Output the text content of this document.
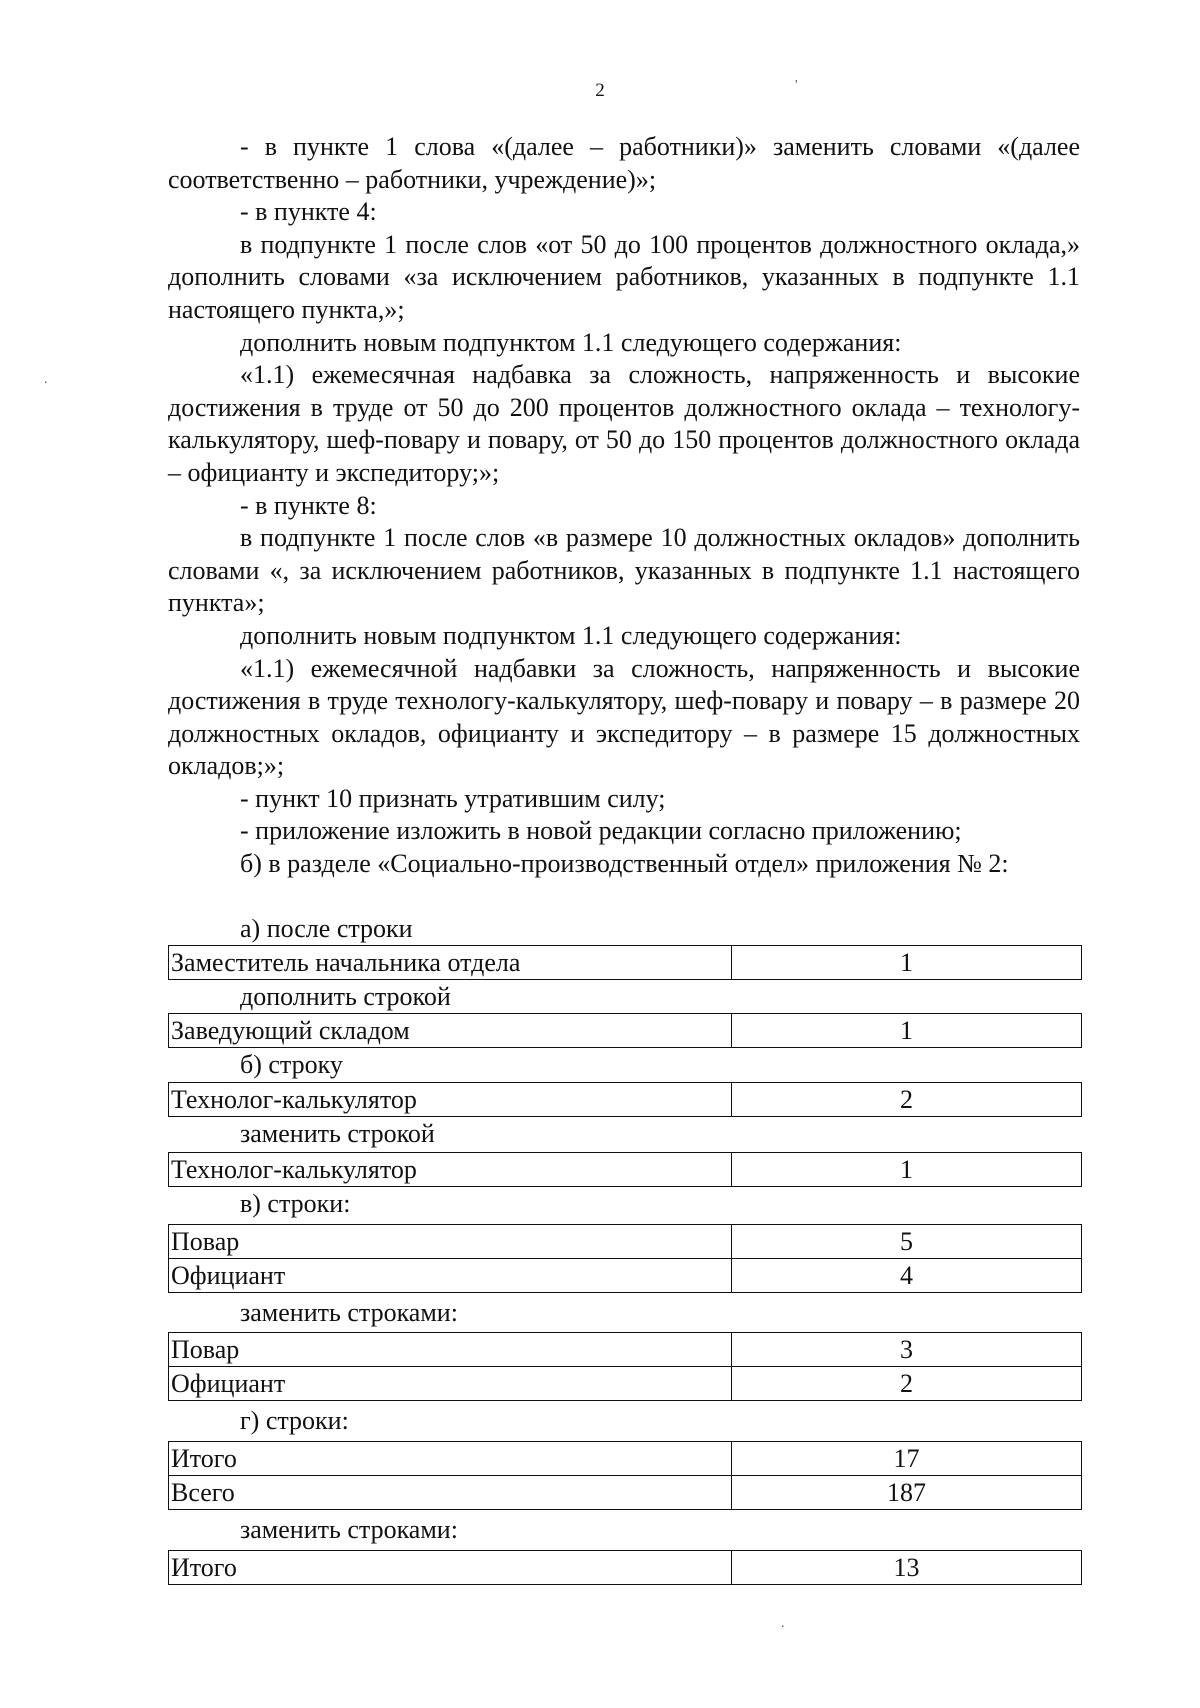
2

- в пункте 1 слова «(далее – работники)» заменить словами «(далее соответственно – работники, учреждение)»;

- в пункте 4:

в подпункте 1 после слов «от 50 до 100 процентов должностного оклада,» дополнить словами «за исключением работников, указанных в подпункте 1.1 настоящего пункта,»;

дополнить новым подпунктом 1.1 следующего содержания:

«1.1) ежемесячная надбавка за сложность, напряженность и высокие достижения в труде от 50 до 200 процентов должностного оклада – технологу-калькулятору, шеф-повару и повару, от 50 до 150 процентов должностного оклада – официанту и экспедитору;»;

- в пункте 8:

в подпункте 1 после слов «в размере 10 должностных окладов» дополнить словами «, за исключением работников, указанных в подпункте 1.1 настоящего пункта»;

дополнить новым подпунктом 1.1 следующего содержания:

«1.1) ежемесячной надбавки за сложность, напряженность и высокие достижения в труде технологу-калькулятору, шеф-повару и повару – в размере 20 должностных окладов, официанту и экспедитору – в размере 15 должностных окладов;»;

- пункт 10 признать утратившим силу;

- приложение изложить в новой редакции согласно приложению;

б) в разделе «Социально-производственный отдел» приложения № 2:

а) после строки
Заместитель начальника отдела	1
дополнить строкой
Заведующий складом	1
б) строку
Технолог-калькулятор	2
заменить строкой
Технолог-калькулятор	1
в) строки:
Повар	5
Официант	4
заменить строками:
Повар	3
Официант	2
г) строки:
Итого	17
Всего	187
заменить строками:
Итого	13
'
.
.
